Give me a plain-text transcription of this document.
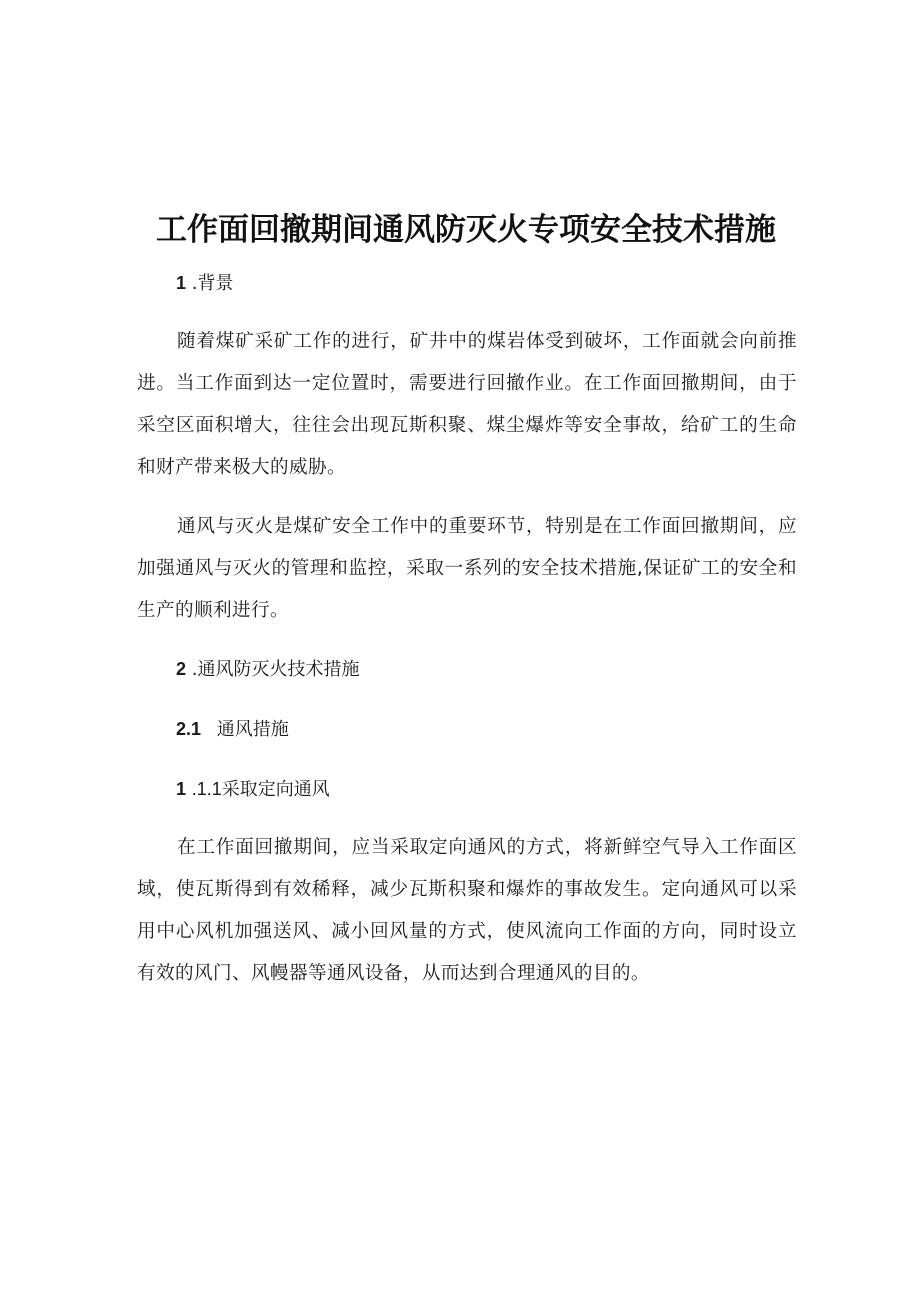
工作面回撤期间通风防灭火专项安全技术措施
1 .背景

随着煤矿采矿工作的进行，矿井中的煤岩体受到破坏，工作面就会向前推进。当工作面到达一定位置时，需要进行回撤作业。在工作面回撤期间，由于采空区面积增大，往往会出现瓦斯积聚、煤尘爆炸等安全事故，给矿工的生命和财产带来极大的威胁。

通风与灭火是煤矿安全工作中的重要环节，特别是在工作面回撤期间，应加强通风与灭火的管理和监控，采取一系列的安全技术措施,保证矿工的安全和生产的顺利进行。

2 .通风防灭火技术措施
2.1 通风措施
1 .1.1采取定向通风

在工作面回撤期间，应当采取定向通风的方式，将新鲜空气导入工作面区域，使瓦斯得到有效稀释，减少瓦斯积聚和爆炸的事故发生。定向通风可以采用中心风机加强送风、减小回风量的方式，使风流向工作面的方向，同时设立有效的风门、风幔器等通风设备，从而达到合理通风的目的。
